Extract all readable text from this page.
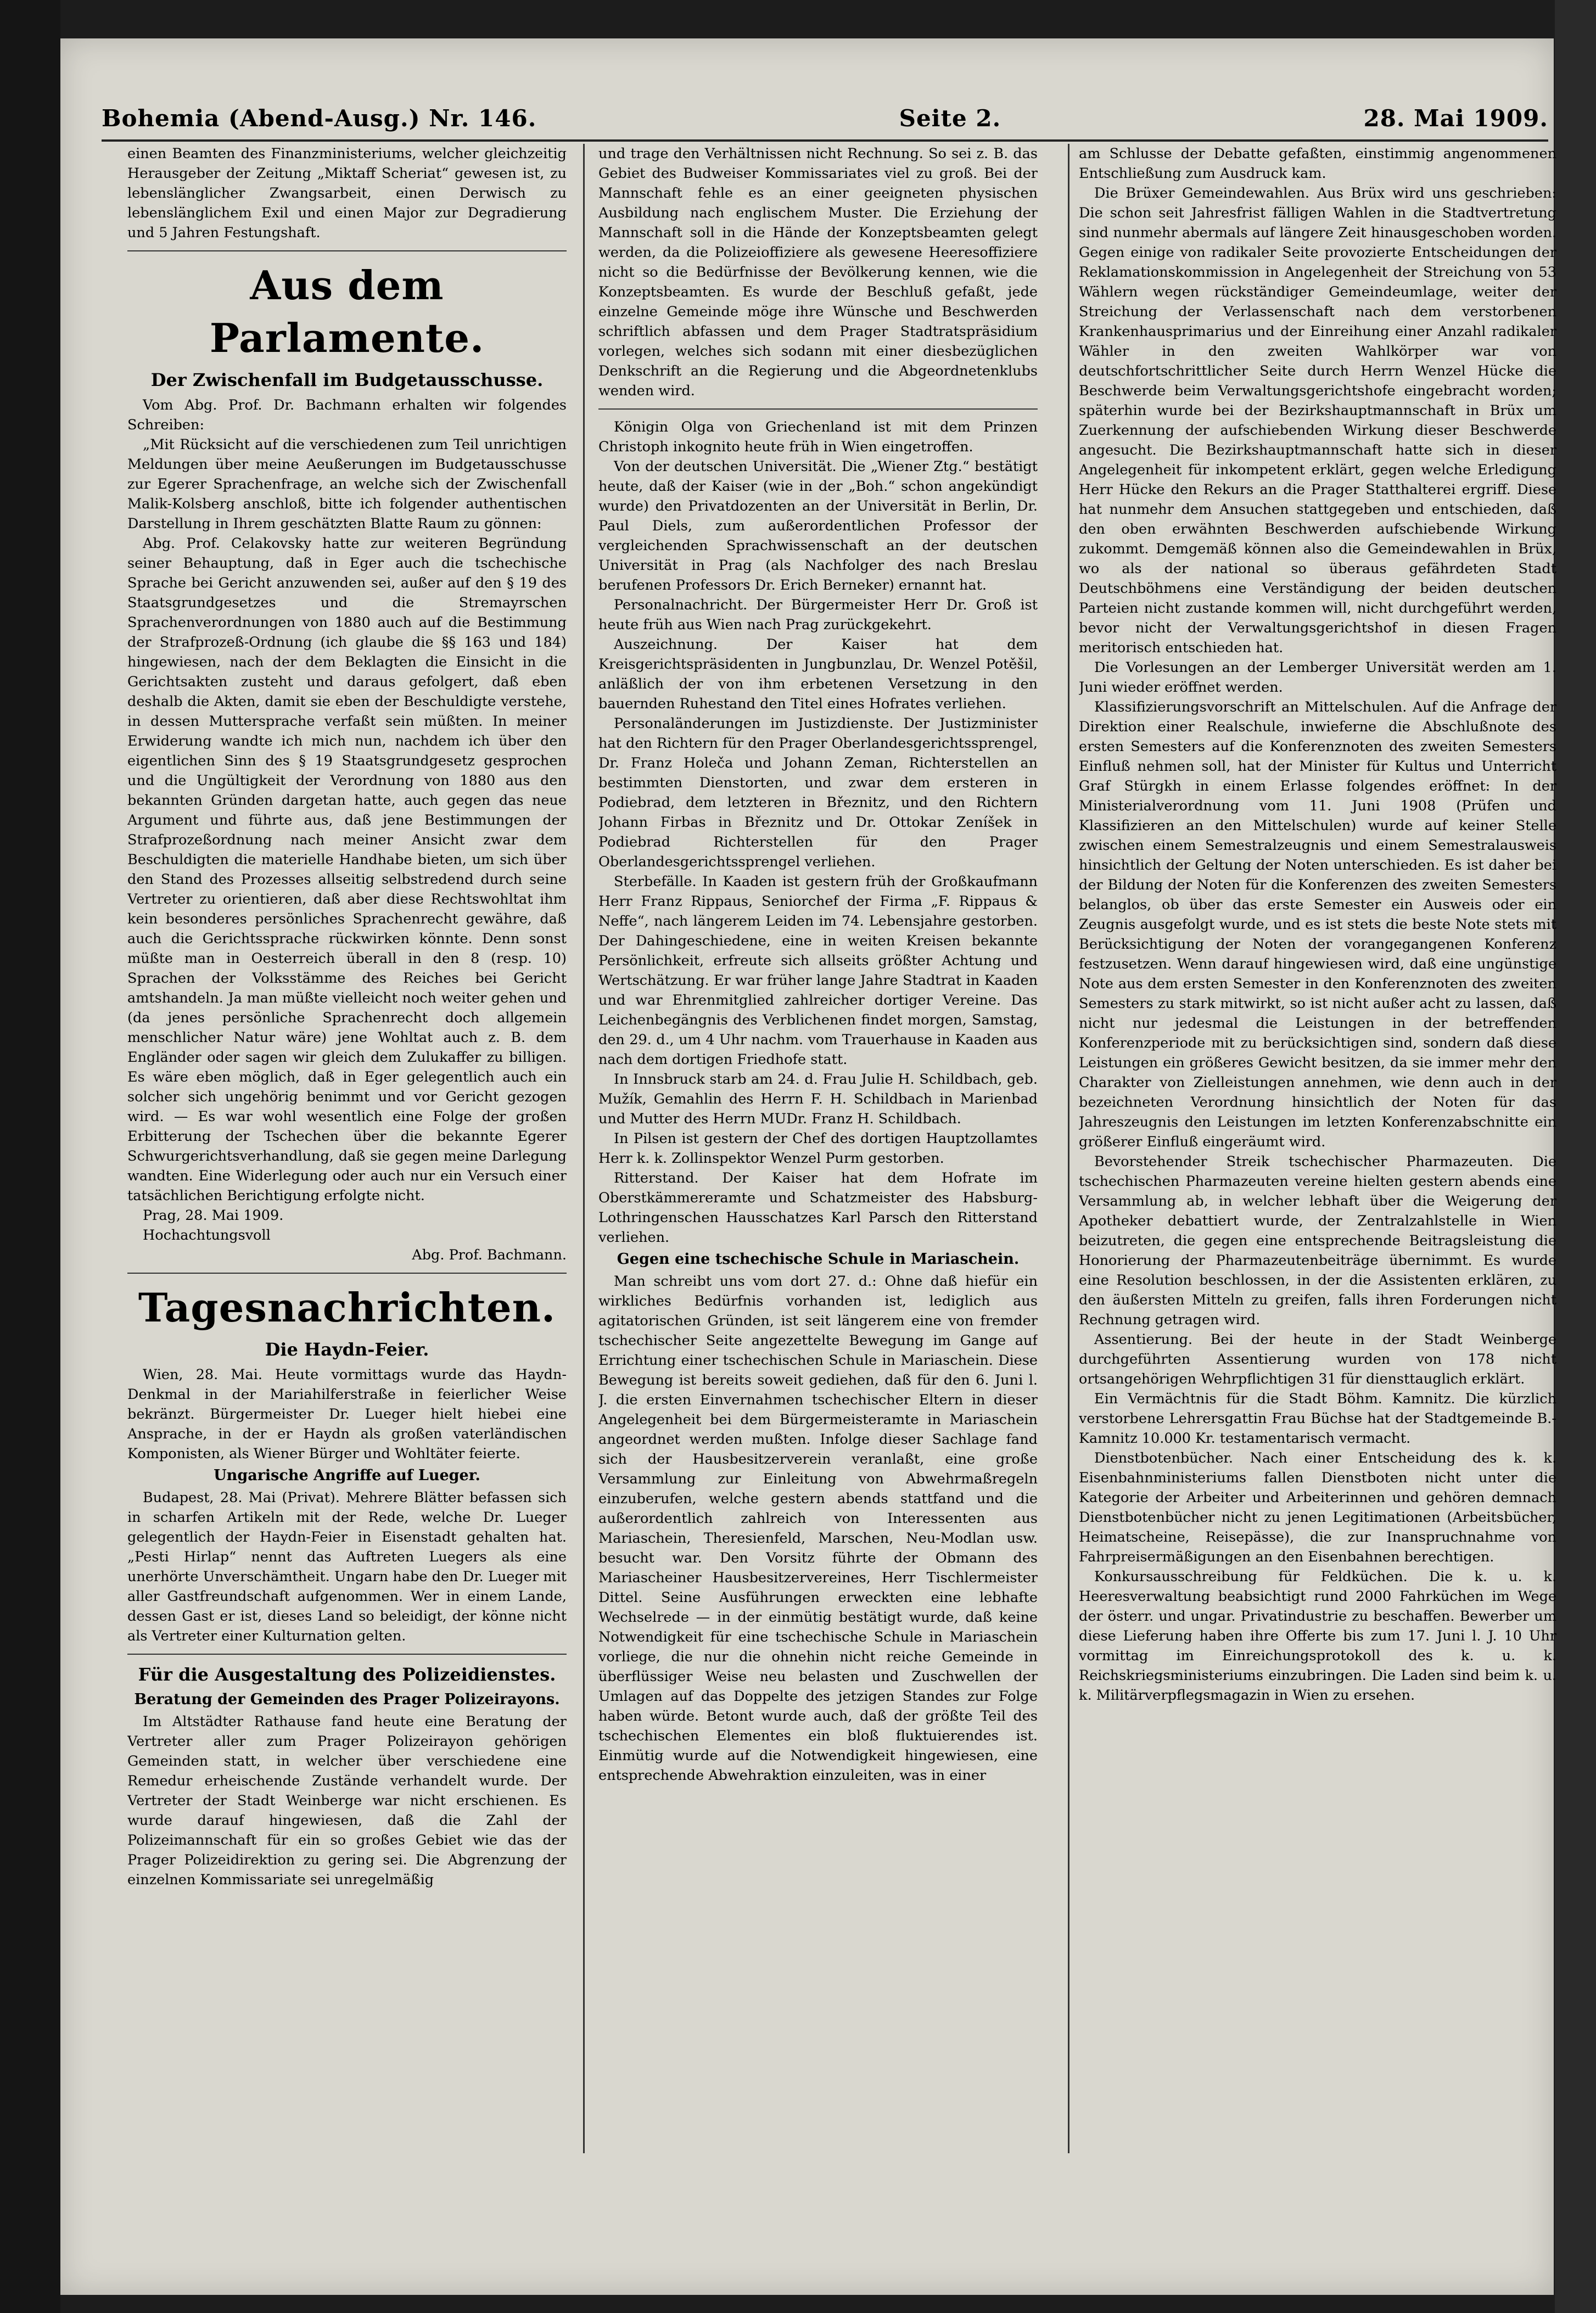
Bohemia (Abend-Ausg.) Nr. 146.	Seite 2.	28. Mai 1909.

einen Beamten des Finanzministeriums, welcher gleichzeitig Herausgeber der Zeitung „Miktaff Scheriat“ gewesen ist, zu lebenslänglicher Zwangsarbeit, einen Derwisch zu lebenslänglichem Exil und einen Major zur Degradierung und 5 Jahren Festungshaft.

Aus dem Parlamente.
Der Zwischenfall im Budgetausschusse.

Vom Abg. Prof. Dr. Bachmann erhalten wir folgendes Schreiben:

„Mit Rücksicht auf die verschiedenen zum Teil unrichtigen Meldungen über meine Aeußerungen im Budgetausschusse zur Egerer Sprachenfrage, an welche sich der Zwischenfall Malik-Kolsberg anschloß, bitte ich folgender authentischen Darstellung in Ihrem geschätzten Blatte Raum zu gönnen:

Abg. Prof. Celakovsky hatte zur weiteren Begründung seiner Behauptung, daß in Eger auch die tschechische Sprache bei Gericht anzuwenden sei, außer auf den § 19 des Staatsgrundgesetzes und die Stremayrschen Sprachenverordnungen von 1880 auch auf die Bestimmung der Strafprozeß-Ordnung (ich glaube die §§ 163 und 184) hingewiesen, nach der dem Beklagten die Einsicht in die Gerichtsakten zusteht und daraus gefolgert, daß eben deshalb die Akten, damit sie eben der Beschuldigte verstehe, in dessen Muttersprache verfaßt sein müßten. In meiner Erwiderung wandte ich mich nun, nachdem ich über den eigentlichen Sinn des § 19 Staatsgrundgesetz gesprochen und die Ungültigkeit der Verordnung von 1880 aus den bekannten Gründen dargetan hatte, auch gegen das neue Argument und führte aus, daß jene Bestimmungen der Strafprozeßordnung nach meiner Ansicht zwar dem Beschuldigten die materielle Handhabe bieten, um sich über den Stand des Prozesses allseitig selbstredend durch seine Vertreter zu orientieren, daß aber diese Rechtswohltat ihm kein besonderes persönliches Sprachenrecht gewähre, daß auch die Gerichtssprache rückwirken könnte. Denn sonst müßte man in Oesterreich überall in den 8 (resp. 10) Sprachen der Volksstämme des Reiches bei Gericht amtshandeln. Ja man müßte vielleicht noch weiter gehen und (da jenes persönliche Sprachenrecht doch allgemein menschlicher Natur wäre) jene Wohltat auch z. B. dem Engländer oder sagen wir gleich dem Zulukaffer zu billigen. Es wäre eben möglich, daß in Eger gelegentlich auch ein solcher sich ungehörig benimmt und vor Gericht gezogen wird. — Es war wohl wesentlich eine Folge der großen Erbitterung der Tschechen über die bekannte Egerer Schwurgerichtsverhandlung, daß sie gegen meine Darlegung wandten. Eine Widerlegung oder auch nur ein Versuch einer tatsächlichen Berichtigung erfolgte nicht.

Prag, 28. Mai 1909.

Hochachtungsvoll

Abg. Prof. Bachmann.

Tagesnachrichten.
Die Haydn-Feier.

Wien, 28. Mai. Heute vormittags wurde das Haydn-Denkmal in der Mariahilferstraße in feierlicher Weise bekränzt. Bürgermeister Dr. Lueger hielt hiebei eine Ansprache, in der er Haydn als großen vaterländischen Komponisten, als Wiener Bürger und Wohltäter feierte.

Ungarische Angriffe auf Lueger.

Budapest, 28. Mai (Privat). Mehrere Blätter befassen sich in scharfen Artikeln mit der Rede, welche Dr. Lueger gelegentlich der Haydn-Feier in Eisenstadt gehalten hat. „Pesti Hirlap“ nennt das Auftreten Luegers als eine unerhörte Unverschämtheit. Ungarn habe den Dr. Lueger mit aller Gastfreundschaft aufgenommen. Wer in einem Lande, dessen Gast er ist, dieses Land so beleidigt, der könne nicht als Vertreter einer Kulturnation gelten.

Für die Ausgestaltung des Polizeidienstes.
Beratung der Gemeinden des Prager Polizeirayons.

Im Altstädter Rathause fand heute eine Beratung der Vertreter aller zum Prager Polizeirayon gehörigen Gemeinden statt, in welcher über verschiedene eine Remedur erheischende Zustände verhandelt wurde. Der Vertreter der Stadt Weinberge war nicht erschienen. Es wurde darauf hingewiesen, daß die Zahl der Polizeimannschaft für ein so großes Gebiet wie das der Prager Polizeidirektion zu gering sei. Die Abgrenzung der einzelnen Kommissariate sei unregelmäßig

und trage den Verhältnissen nicht Rechnung. So sei z. B. das Gebiet des Budweiser Kommissariates viel zu groß. Bei der Mannschaft fehle es an einer geeigneten physischen Ausbildung nach englischem Muster. Die Erziehung der Mannschaft soll in die Hände der Konzeptsbeamten gelegt werden, da die Polizeioffiziere als gewesene Heeresoffiziere nicht so die Bedürfnisse der Bevölkerung kennen, wie die Konzeptsbeamten. Es wurde der Beschluß gefaßt, jede einzelne Gemeinde möge ihre Wünsche und Beschwerden schriftlich abfassen und dem Prager Stadtratspräsidium vorlegen, welches sich sodann mit einer diesbezüglichen Denkschrift an die Regierung und die Abgeordnetenklubs wenden wird.

Königin Olga von Griechenland ist mit dem Prinzen Christoph inkognito heute früh in Wien eingetroffen.

Von der deutschen Universität. Die „Wiener Ztg.“ bestätigt heute, daß der Kaiser (wie in der „Boh.“ schon angekündigt wurde) den Privatdozenten an der Universität in Berlin, Dr. Paul Diels, zum außerordentlichen Professor der vergleichenden Sprachwissenschaft an der deutschen Universität in Prag (als Nachfolger des nach Breslau berufenen Professors Dr. Erich Berneker) ernannt hat.

Personalnachricht. Der Bürgermeister Herr Dr. Groß ist heute früh aus Wien nach Prag zurückgekehrt.

Auszeichnung. Der Kaiser hat dem Kreisgerichtspräsidenten in Jungbunzlau, Dr. Wenzel Potěšil, anläßlich der von ihm erbetenen Versetzung in den bauernden Ruhestand den Titel eines Hofrates verliehen.

Personaländerungen im Justizdienste. Der Justizminister hat den Richtern für den Prager Oberlandesgerichtssprengel, Dr. Franz Holeča und Johann Zeman, Richterstellen an bestimmten Dienstorten, und zwar dem ersteren in Podiebrad, dem letzteren in Březnitz, und den Richtern Johann Firbas in Březnitz und Dr. Ottokar Zeníšek in Podiebrad Richterstellen für den Prager Oberlandesgerichtssprengel verliehen.

Sterbefälle. In Kaaden ist gestern früh der Großkaufmann Herr Franz Rippaus, Seniorchef der Firma „F. Rippaus & Neffe“, nach längerem Leiden im 74. Lebensjahre gestorben. Der Dahingeschiedene, eine in weiten Kreisen bekannte Persönlichkeit, erfreute sich allseits größter Achtung und Wertschätzung. Er war früher lange Jahre Stadtrat in Kaaden und war Ehrenmitglied zahlreicher dortiger Vereine. Das Leichenbegängnis des Verblichenen findet morgen, Samstag, den 29. d., um 4 Uhr nachm. vom Trauerhause in Kaaden aus nach dem dortigen Friedhofe statt.

In Innsbruck starb am 24. d. Frau Julie H. Schildbach, geb. Mužík, Gemahlin des Herrn F. H. Schildbach in Marienbad und Mutter des Herrn MUDr. Franz H. Schildbach.

In Pilsen ist gestern der Chef des dortigen Hauptzollamtes Herr k. k. Zollinspektor Wenzel Purm gestorben.

Ritterstand. Der Kaiser hat dem Hofrate im Oberstkämmereramte und Schatzmeister des Habsburg-Lothringenschen Hausschatzes Karl Parsch den Ritterstand verliehen.

Gegen eine tschechische Schule in Mariaschein.

Man schreibt uns vom dort 27. d.: Ohne daß hiefür ein wirkliches Bedürfnis vorhanden ist, lediglich aus agitatorischen Gründen, ist seit längerem eine von fremder tschechischer Seite angezettelte Bewegung im Gange auf Errichtung einer tschechischen Schule in Mariaschein. Diese Bewegung ist bereits soweit gediehen, daß für den 6. Juni l. J. die ersten Einvernahmen tschechischer Eltern in dieser Angelegenheit bei dem Bürgermeisteramte in Mariaschein angeordnet werden mußten. Infolge dieser Sachlage fand sich der Hausbesitzerverein veranlaßt, eine große Versammlung zur Einleitung von Abwehrmaßregeln einzuberufen, welche gestern abends stattfand und die außerordentlich zahlreich von Interessenten aus Mariaschein, Theresienfeld, Marschen, Neu-Modlan usw. besucht war. Den Vorsitz führte der Obmann des Mariascheiner Hausbesitzervereines, Herr Tischlermeister Dittel. Seine Ausführungen erweckten eine lebhafte Wechselrede — in der einmütig bestätigt wurde, daß keine Notwendigkeit für eine tschechische Schule in Mariaschein vorliege, die nur die ohnehin nicht reiche Gemeinde in überflüssiger Weise neu belasten und Zuschwellen der Umlagen auf das Doppelte des jetzigen Standes zur Folge haben würde. Betont wurde auch, daß der größte Teil des tschechischen Elementes ein bloß fluktuierendes ist. Einmütig wurde auf die Notwendigkeit hingewiesen, eine entsprechende Abwehraktion einzuleiten, was in einer

am Schlusse der Debatte gefaßten, einstimmig angenommenen Entschließung zum Ausdruck kam.

Die Brüxer Gemeindewahlen. Aus Brüx wird uns geschrieben: Die schon seit Jahresfrist fälligen Wahlen in die Stadtvertretung sind nunmehr abermals auf längere Zeit hinausgeschoben worden. Gegen einige von radikaler Seite provozierte Entscheidungen der Reklamationskommission in Angelegenheit der Streichung von 53 Wählern wegen rückständiger Gemeindeumlage, weiter der Streichung der Verlassenschaft nach dem verstorbenen Krankenhausprimarius und der Einreihung einer Anzahl radikaler Wähler in den zweiten Wahlkörper war von deutschfortschrittlicher Seite durch Herrn Wenzel Hücke die Beschwerde beim Verwaltungsgerichtshofe eingebracht worden; späterhin wurde bei der Bezirkshauptmannschaft in Brüx um Zuerkennung der aufschiebenden Wirkung dieser Beschwerde angesucht. Die Bezirkshauptmannschaft hatte sich in dieser Angelegenheit für inkompetent erklärt, gegen welche Erledigung Herr Hücke den Rekurs an die Prager Statthalterei ergriff. Diese hat nunmehr dem Ansuchen stattgegeben und entschieden, daß den oben erwähnten Beschwerden aufschiebende Wirkung zukommt. Demgemäß können also die Gemeindewahlen in Brüx, wo als der national so überaus gefährdeten Stadt Deutschböhmens eine Verständigung der beiden deutschen Parteien nicht zustande kommen will, nicht durchgeführt werden, bevor nicht der Verwaltungsgerichtshof in diesen Fragen meritorisch entschieden hat.

Die Vorlesungen an der Lemberger Universität werden am 1. Juni wieder eröffnet werden.

Klassifizierungsvorschrift an Mittelschulen. Auf die Anfrage der Direktion einer Realschule, inwieferne die Abschlußnote des ersten Semesters auf die Konferenznoten des zweiten Semesters Einfluß nehmen soll, hat der Minister für Kultus und Unterricht Graf Stürgkh in einem Erlasse folgendes eröffnet: In der Ministerialverordnung vom 11. Juni 1908 (Prüfen und Klassifizieren an den Mittelschulen) wurde auf keiner Stelle zwischen einem Semestralzeugnis und einem Semestralausweis hinsichtlich der Geltung der Noten unterschieden. Es ist daher bei der Bildung der Noten für die Konferenzen des zweiten Semesters belanglos, ob über das erste Semester ein Ausweis oder ein Zeugnis ausgefolgt wurde, und es ist stets die beste Note stets mit Berücksichtigung der Noten der vorangegangenen Konferenz festzusetzen. Wenn darauf hingewiesen wird, daß eine ungünstige Note aus dem ersten Semester in den Konferenznoten des zweiten Semesters zu stark mitwirkt, so ist nicht außer acht zu lassen, daß nicht nur jedesmal die Leistungen in der betreffenden Konferenzperiode mit zu berücksichtigen sind, sondern daß diese Leistungen ein größeres Gewicht besitzen, da sie immer mehr den Charakter von Zielleistungen annehmen, wie denn auch in der bezeichneten Verordnung hinsichtlich der Noten für das Jahreszeugnis den Leistungen im letzten Konferenzabschnitte ein größerer Einfluß eingeräumt wird.

Bevorstehender Streik tschechischer Pharmazeuten. Die tschechischen Pharmazeuten vereine hielten gestern abends eine Versammlung ab, in welcher lebhaft über die Weigerung der Apotheker debattiert wurde, der Zentralzahlstelle in Wien beizutreten, die gegen eine entsprechende Beitragsleistung die Honorierung der Pharmazeutenbeiträge übernimmt. Es wurde eine Resolution beschlossen, in der die Assistenten erklären, zu den äußersten Mitteln zu greifen, falls ihren Forderungen nicht Rechnung getragen wird.

Assentierung. Bei der heute in der Stadt Weinberge durchgeführten Assentierung wurden von 178 nicht ortsangehörigen Wehrpflichtigen 31 für diensttauglich erklärt.

Ein Vermächtnis für die Stadt Böhm. Kamnitz. Die kürzlich verstorbene Lehrersgattin Frau Büchse hat der Stadtgemeinde B.-Kamnitz 10.000 Kr. testamentarisch vermacht.

Dienstbotenbücher. Nach einer Entscheidung des k. k. Eisenbahnministeriums fallen Dienstboten nicht unter die Kategorie der Arbeiter und Arbeiterinnen und gehören demnach Dienstbotenbücher nicht zu jenen Legitimationen (Arbeitsbücher, Heimatscheine, Reisepässe), die zur Inanspruchnahme von Fahrpreisermäßigungen an den Eisenbahnen berechtigen.

Konkursausschreibung für Feldküchen. Die k. u. k. Heeresverwaltung beabsichtigt rund 2000 Fahrküchen im Wege der österr. und ungar. Privatindustrie zu beschaffen. Bewerber um diese Lieferung haben ihre Offerte bis zum 17. Juni l. J. 10 Uhr vormittag im Einreichungsprotokoll des k. u. k. Reichskriegsministeriums einzubringen. Die Laden sind beim k. u. k. Militärverpflegsmagazin in Wien zu ersehen.
